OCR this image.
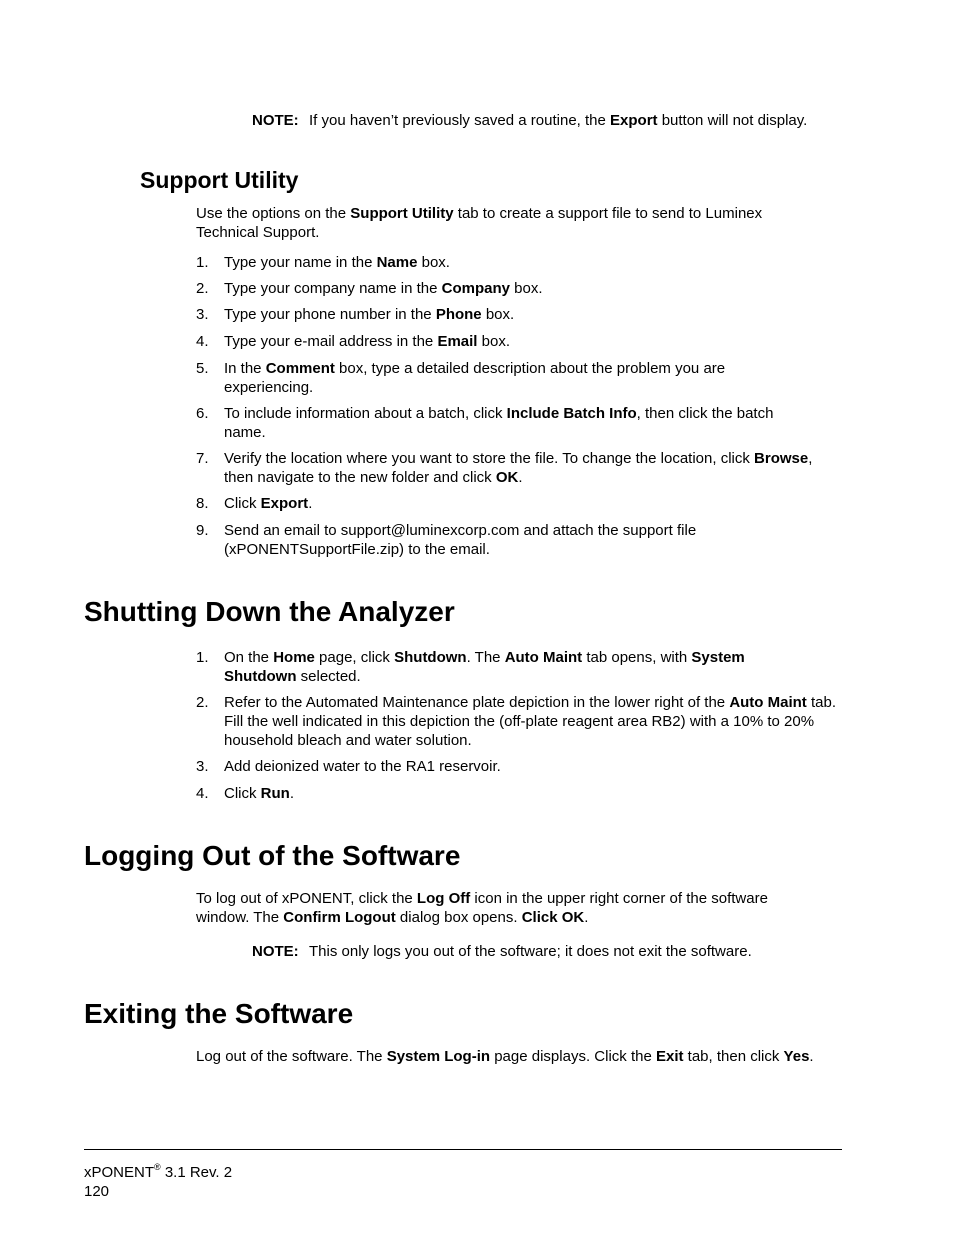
NOTE: If you haven’t previously saved a routine, the Export button will not display.
Support Utility
Use the options on the Support Utility tab to create a support file to send to Luminex Technical Support.
1.	Type your name in the Name box.
2.	Type your company name in the Company box.
3.	Type your phone number in the Phone box.
4.	Type your e-mail address in the Email box.
5.	In the Comment box, type a detailed description about the problem you are experiencing.
6.	To include information about a batch, click Include Batch Info, then click the batch name.
7.	Verify the location where you want to store the file. To change the location, click Browse, then navigate to the new folder and click OK.
8.	Click Export.
9.	Send an email to support@luminexcorp.com and attach the support file (xPONENTSupportFile.zip) to the email.
Shutting Down the Analyzer
1.	On the Home page, click Shutdown. The Auto Maint tab opens, with System Shutdown selected.
2.	Refer to the Automated Maintenance plate depiction in the lower right of the Auto Maint tab. Fill the well indicated in this depiction the (off-plate reagent area RB2) with a 10% to 20% household bleach and water solution.
3.	Add deionized water to the RA1 reservoir.
4.	Click Run.
Logging Out of the Software
To log out of xPONENT, click the Log Off icon in the upper right corner of the software window. The Confirm Logout dialog box opens. Click OK.
NOTE: This only logs you out of the software; it does not exit the software.
Exiting the Software
Log out of the software. The System Log-in page displays. Click the Exit tab, then click Yes.
xPONENT® 3.1 Rev. 2
120
